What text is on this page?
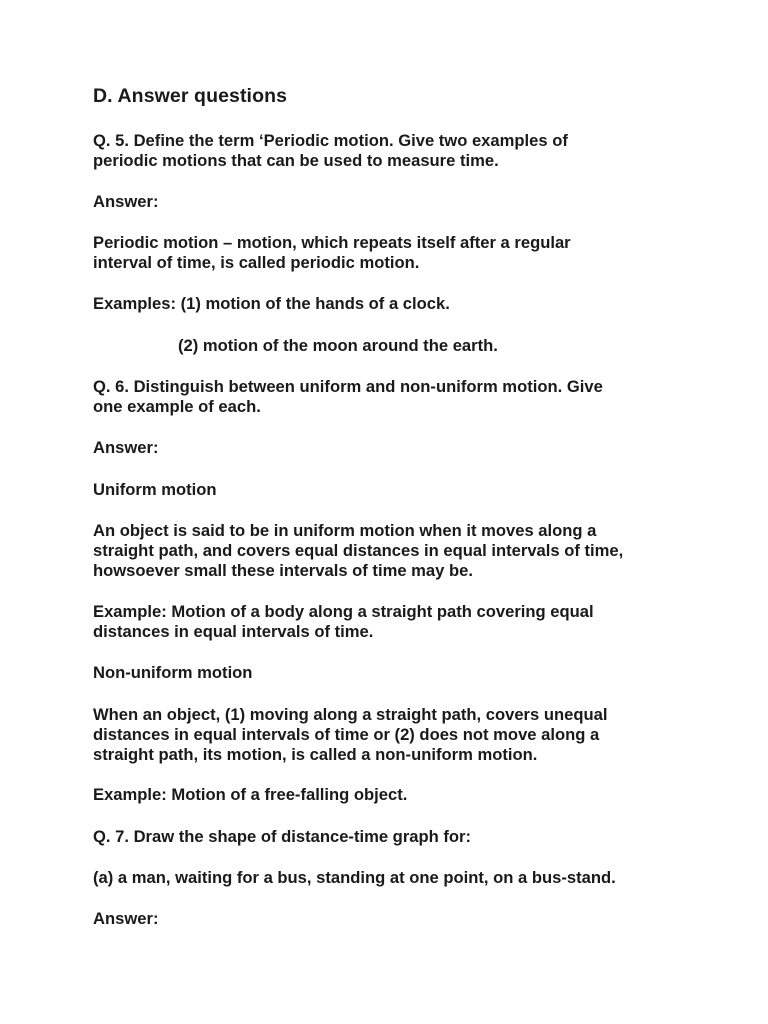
D. Answer questions
Q. 5. Define the term ‘Periodic motion. Give two examples of
periodic motions that can be used to measure time.
Answer:
Periodic motion – motion, which repeats itself after a regular
interval of time, is called periodic motion.
Examples: (1) motion of the hands of a clock.
(2) motion of the moon around the earth.
Q. 6. Distinguish between uniform and non-uniform motion. Give
one example of each.
Answer:
Uniform motion
An object is said to be in uniform motion when it moves along a
straight path, and covers equal distances in equal intervals of time,
howsoever small these intervals of time may be.
Example: Motion of a body along a straight path covering equal
distances in equal intervals of time.
Non-uniform motion
When an object, (1) moving along a straight path, covers unequal
distances in equal intervals of time or (2) does not move along a
straight path, its motion, is called a non-uniform motion.
Example: Motion of a free-falling object.
Q. 7. Draw the shape of distance-time graph for:
(a) a man, waiting for a bus, standing at one point, on a bus-stand.
Answer:
